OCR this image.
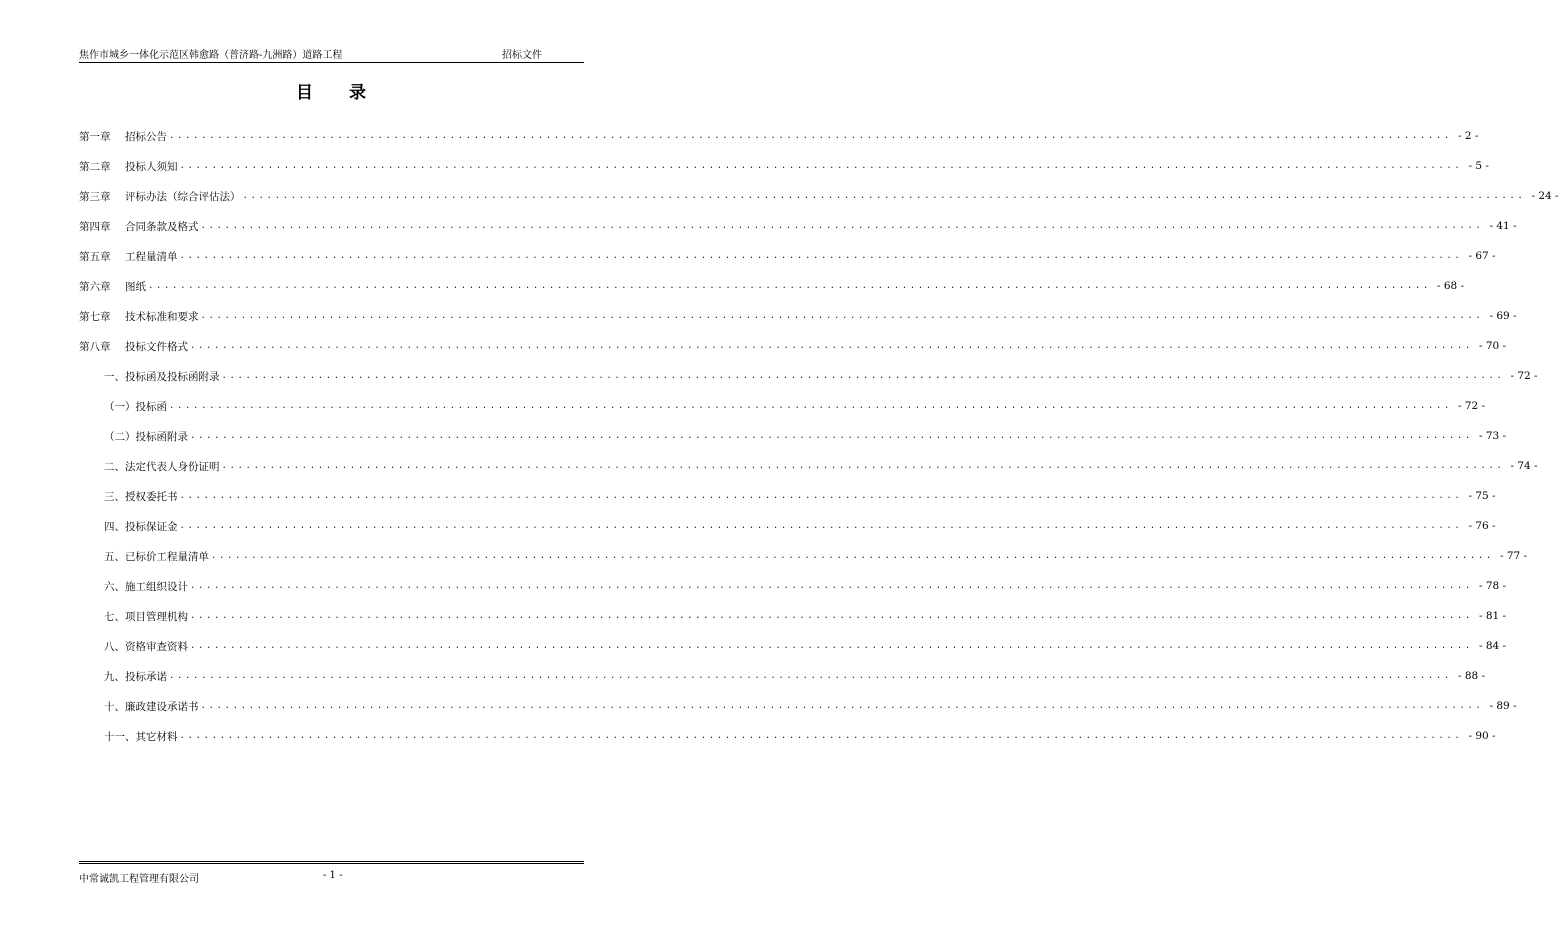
焦作市城乡一体化示范区韩愈路（普济路-九洲路）道路工程	招标文件
目 录
第一章	招标公告 ................................................................................................................................................................ - 2 -
第二章	投标人须知 ................................................................................................................................................................ - 5 -
第三章	评标办法（综合评估法） ................................................................................................................................................................ - 24 -
第四章	合同条款及格式 ................................................................................................................................................................ - 41 -
第五章	工程量清单 ................................................................................................................................................................ - 67 -
第六章	图纸 ................................................................................................................................................................ - 68 -
第七章	技术标准和要求 ................................................................................................................................................................ - 69 -
第八章	投标文件格式 ................................................................................................................................................................ - 70 -
一、投标函及投标函附录 ................................................................................................................................................................ - 72 -
（一）投标函 ................................................................................................................................................................ - 72 -
（二）投标函附录 ................................................................................................................................................................ - 73 -
二、法定代表人身份证明 ................................................................................................................................................................ - 74 -
三、授权委托书 ................................................................................................................................................................ - 75 -
四、投标保证金 ................................................................................................................................................................ - 76 -
五、已标价工程量清单 ................................................................................................................................................................ - 77 -
六、施工组织设计 ................................................................................................................................................................ - 78 -
七、项目管理机构 ................................................................................................................................................................ - 81 -
八、资格审查资料 ................................................................................................................................................................ - 84 -
九、投标承诺 ................................................................................................................................................................ - 88 -
十、廉政建设承诺书 ................................................................................................................................................................ - 89 -
十一、其它材料 ................................................................................................................................................................ - 90 -
中常诚凯工程管理有限公司	- 1 -
